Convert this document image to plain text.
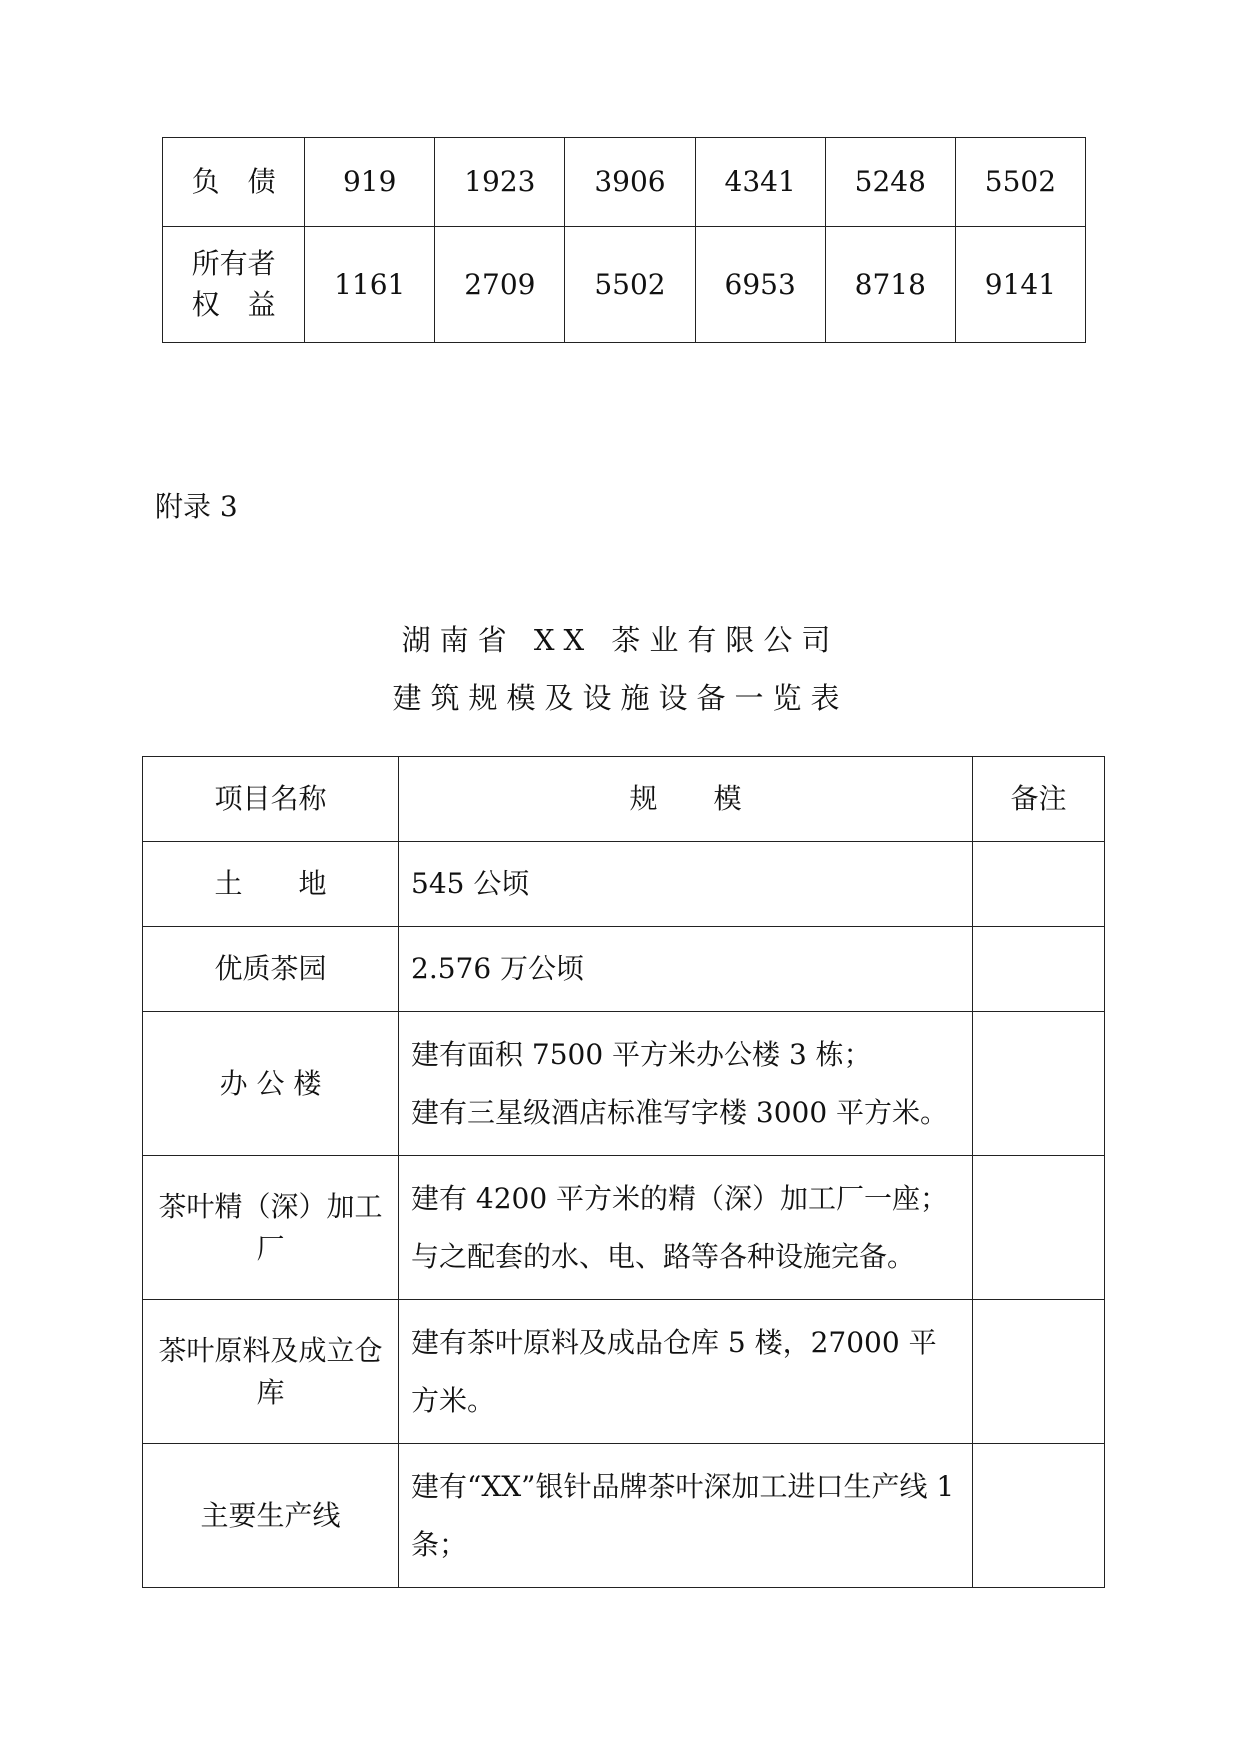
负　债	919	1923	3906	4341	5248	5502

所有者
权　益	1161	2709	5502	6953	8718	9141
附录 3
湖南省 XX 茶业有限公司
建筑规模及设施设备一览表
项目名称	规　　模	备注
土　　地	545 公顷	

优质茶园	2.576 万公顷	

办 公 楼	建有面积 7500 平方米办公楼 3 栋；
建有三星级酒店标准写字楼 3000 平方米。	

茶叶精（深）加工厂	建有 4200 平方米的精（深）加工厂一座；
与之配套的水、电、路等各种设施完备。	

茶叶原料及成立仓库	建有茶叶原料及成品仓库 5 楼，27000 平方米。	

主要生产线	建有“XX”银针品牌茶叶深加工进口生产线 1 条；	
